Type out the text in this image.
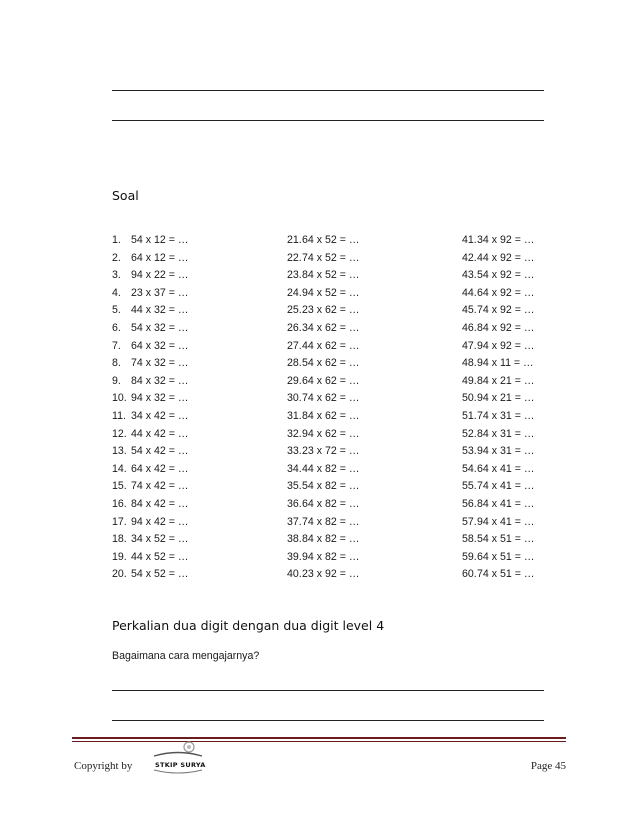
Soal
1. 54 x 12 = …
2. 64 x 12 = …
3. 94 x 22 = …
4. 23 x 37 = …
5. 44 x 32 = …
6. 54 x 32 = …
7. 64 x 32 = …
8. 74 x 32 = …
9. 84 x 32 = …
10. 94 x 32 = …
11. 34 x 42 = …
12. 44 x 42 = …
13. 54 x 42 = …
14. 64 x 42 = …
15. 74 x 42 = …
16. 84 x 42 = …
17. 94 x 42 = …
18. 34 x 52 = …
19. 44 x 52 = …
20. 54 x 52 = …
21.64 x 52 = …
22.74 x 52 = …
23.84 x 52 = …
24.94 x 52 = …
25.23 x 62 = …
26.34 x 62 = …
27.44 x 62 = …
28.54 x 62 = …
29.64 x 62 = …
30.74 x 62 = …
31.84 x 62 = …
32.94 x 62 = …
33.23 x 72 = …
34.44 x 82 = …
35.54 x 82 = …
36.64 x 82 = …
37.74 x 82 = …
38.84 x 82 = …
39.94 x 82 = …
40.23 x 92 = …
41.34 x 92 = …
42.44 x 92 = …
43.54 x 92 = …
44.64 x 92 = …
45.74 x 92 = …
46.84 x 92 = …
47.94 x 92 = …
48.94 x 11 = …
49.84 x 21 = …
50.94 x 21 = …
51.74 x 31 = …
52.84 x 31 = …
53.94 x 31 = …
54.64 x 41 = …
55.74 x 41 = …
56.84 x 41 = …
57.94 x 41 = …
58.54 x 51 = …
59.64 x 51 = …
60.74 x 51 = …
Perkalian dua digit dengan dua digit level 4
Bagaimana cara mengajarnya?
Copyright by	STKIP SURYA	Page 45
